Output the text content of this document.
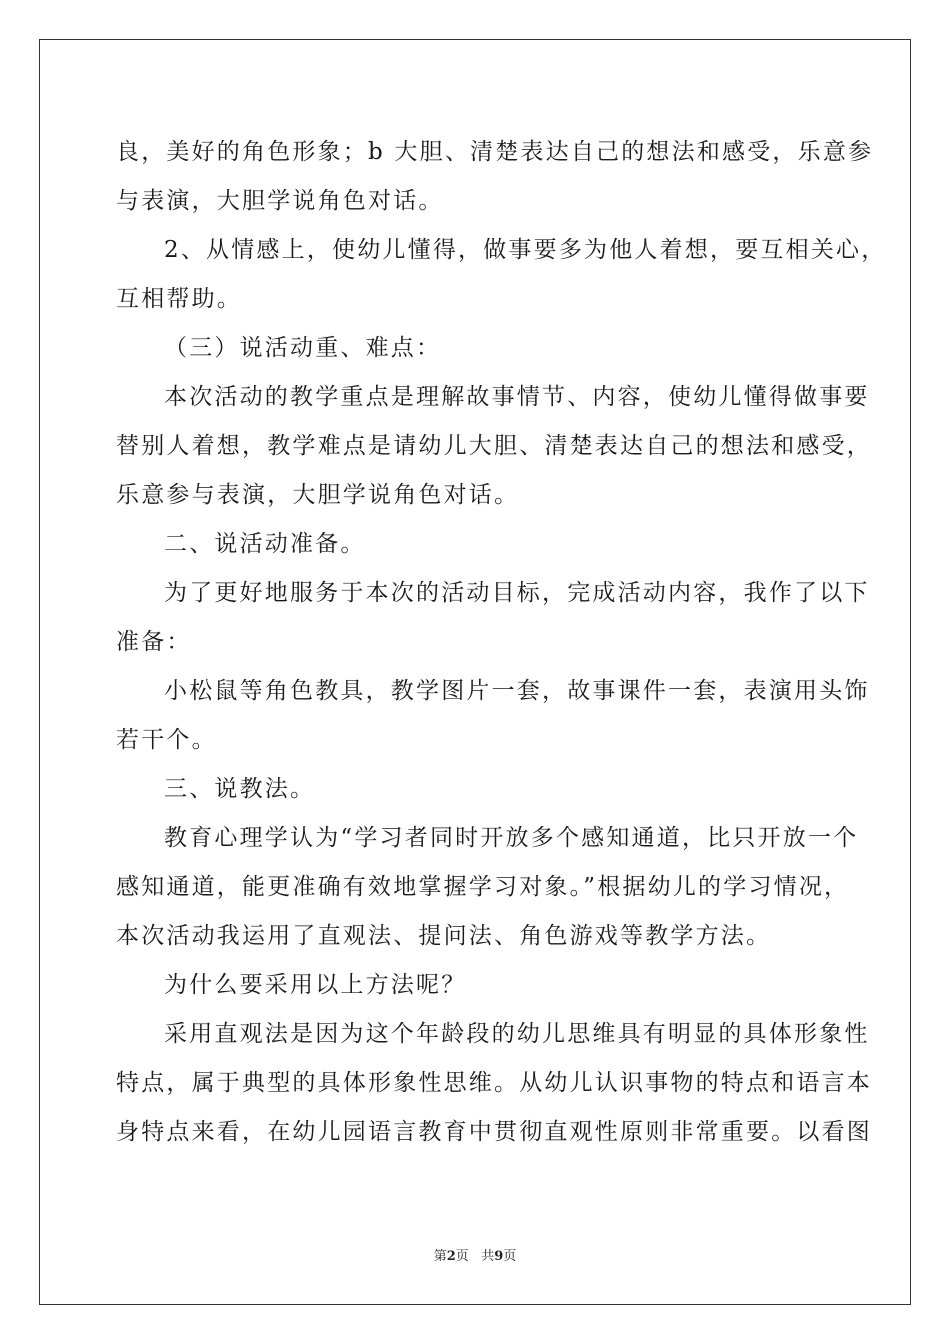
良，美好的角色形象；b 大胆、清楚表达自己的想法和感受，乐意参
与表演，大胆学说角色对话。
2、从情感上，使幼儿懂得，做事要多为他人着想，要互相关心，
互相帮助。
（三）说活动重、难点：
本次活动的教学重点是理解故事情节、内容，使幼儿懂得做事要
替别人着想，教学难点是请幼儿大胆、清楚表达自己的想法和感受，
乐意参与表演，大胆学说角色对话。
二、说活动准备。
为了更好地服务于本次的活动目标，完成活动内容，我作了以下
准备：
小松鼠等角色教具，教学图片一套，故事课件一套，表演用头饰
若干个。
三、说教法。
教育心理学认为“学习者同时开放多个感知通道，比只开放一个
感知通道，能更准确有效地掌握学习对象。”根据幼儿的学习情况，
本次活动我运用了直观法、提问法、角色游戏等教学方法。
为什么要采用以上方法呢？
采用直观法是因为这个年龄段的幼儿思维具有明显的具体形象性
特点，属于典型的具体形象性思维。从幼儿认识事物的特点和语言本
身特点来看，在幼儿园语言教育中贯彻直观性原则非常重要。以看图
第2页 共9页
